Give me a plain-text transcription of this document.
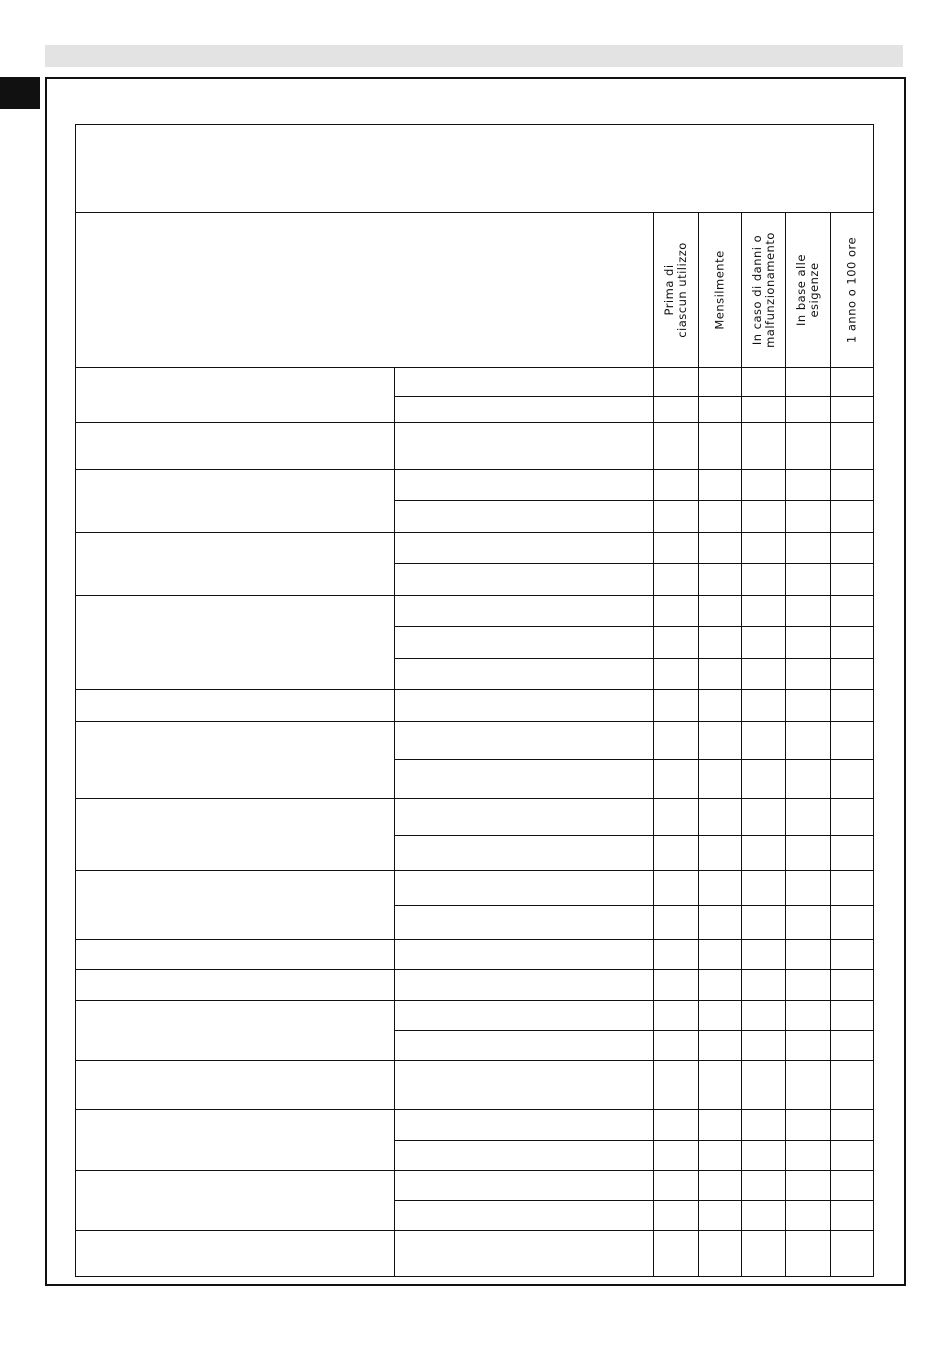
Prima di
ciascun utilizzo Mensilmente
In caso di danni o
malfunzionamento In base alle
esigenze 1 anno o 100 ore
